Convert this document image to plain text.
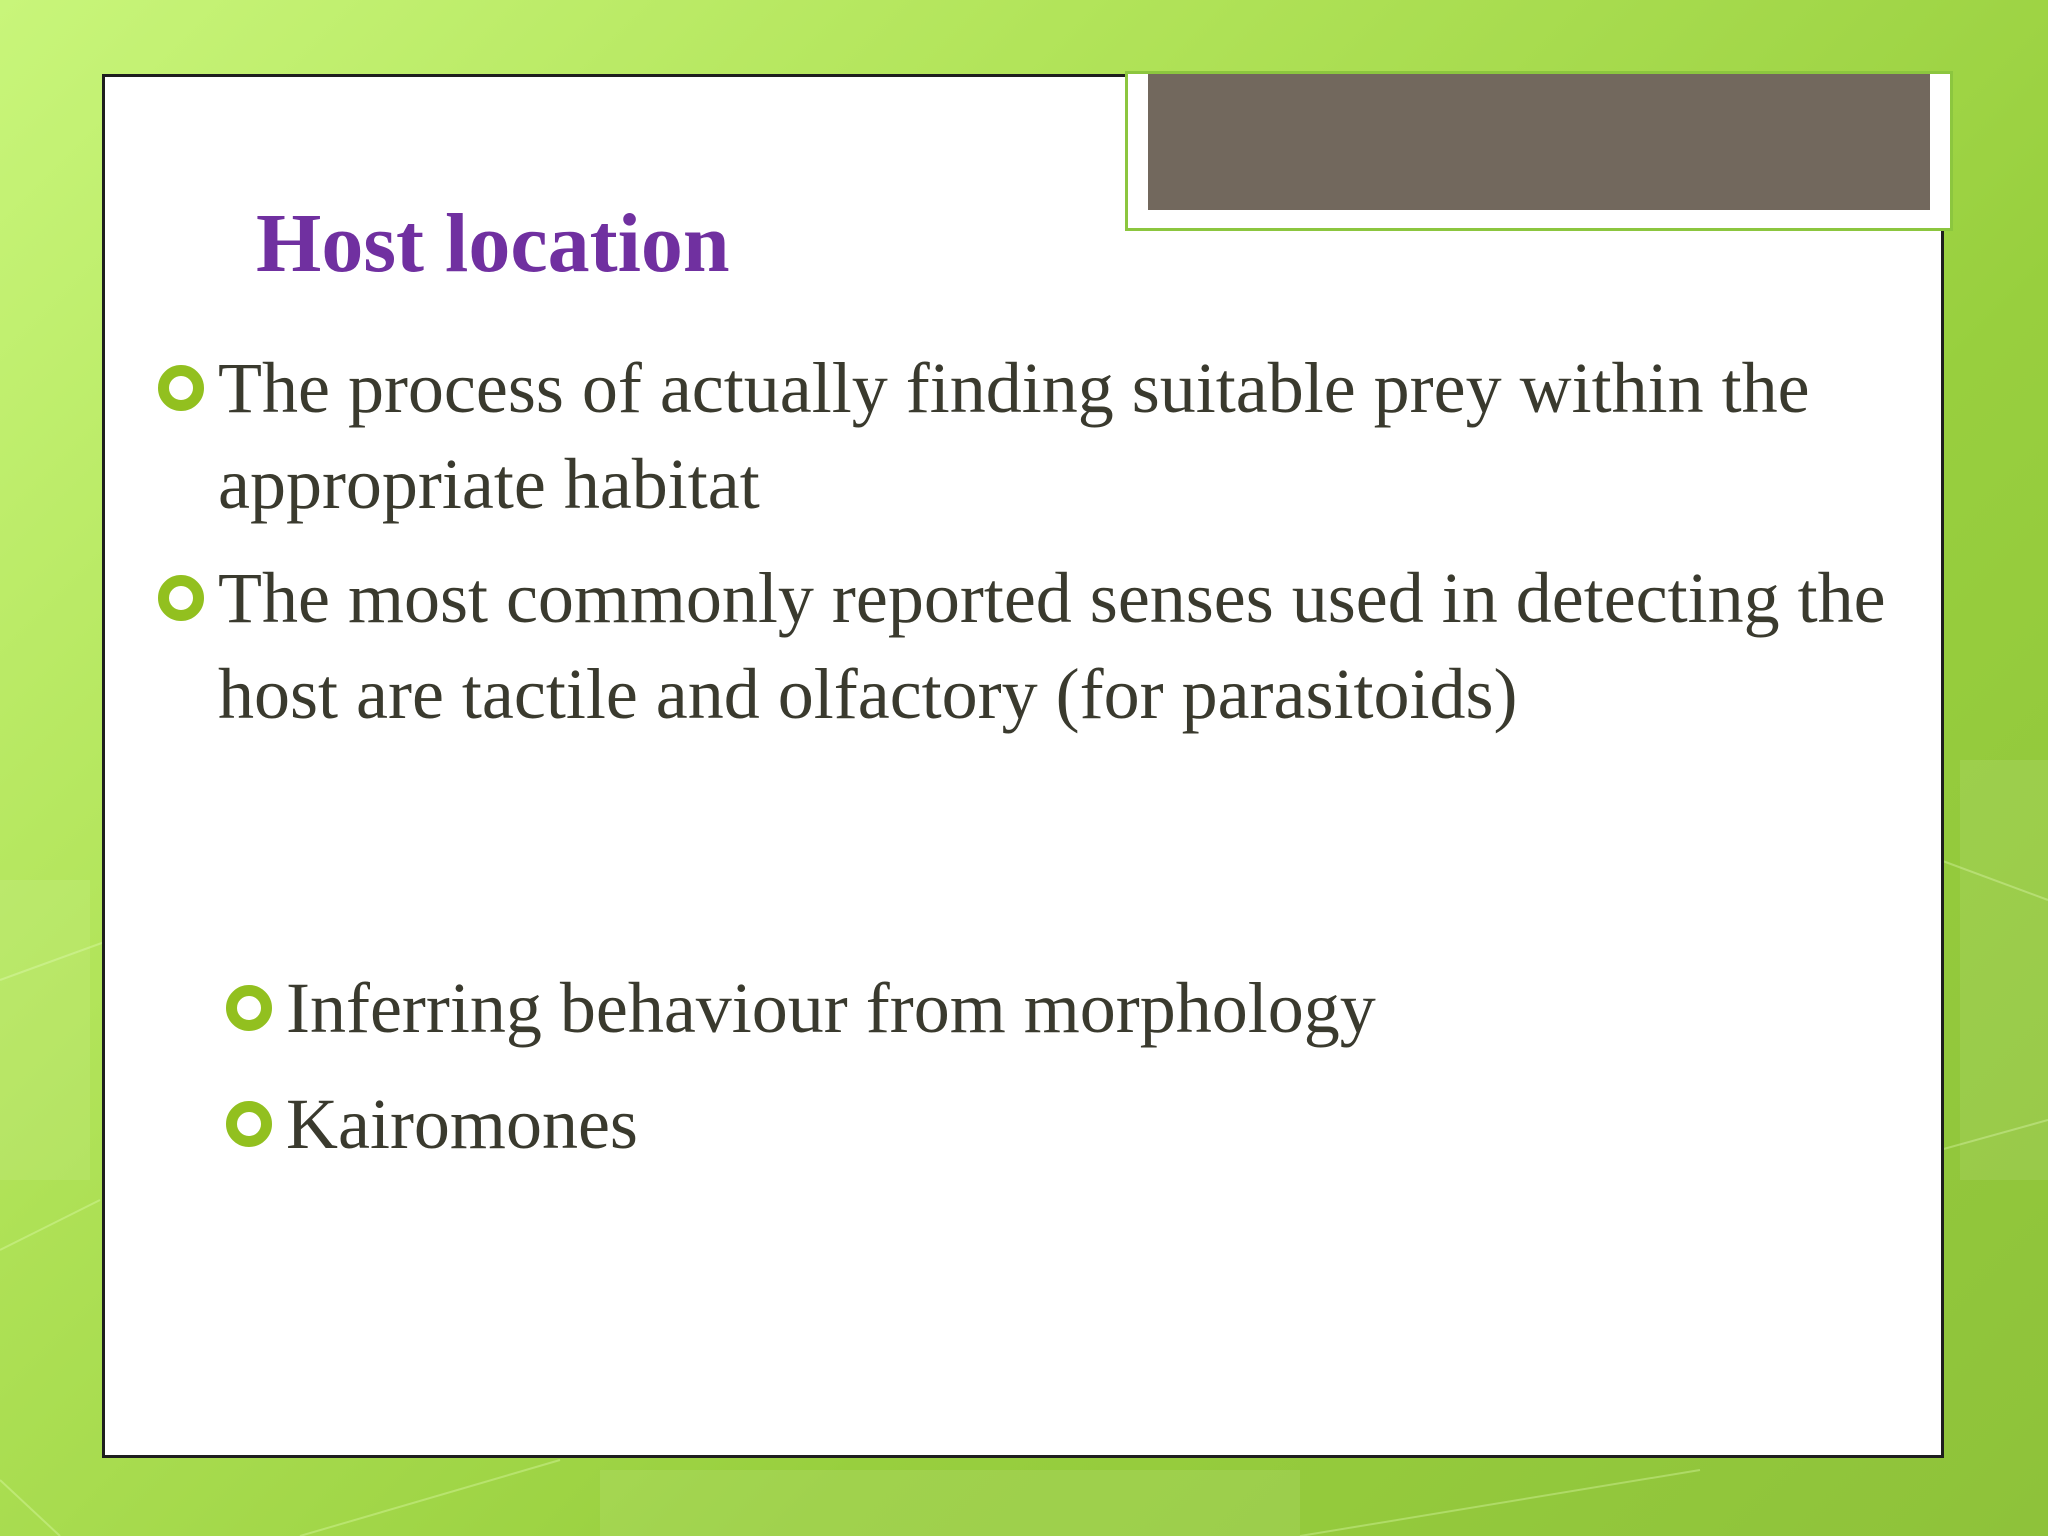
Host location
The process of actually finding suitable prey within the appropriate habitat
The most commonly reported senses used in detecting the host are tactile and olfactory (for parasitoids)
Inferring behaviour from morphology
Kairomones
